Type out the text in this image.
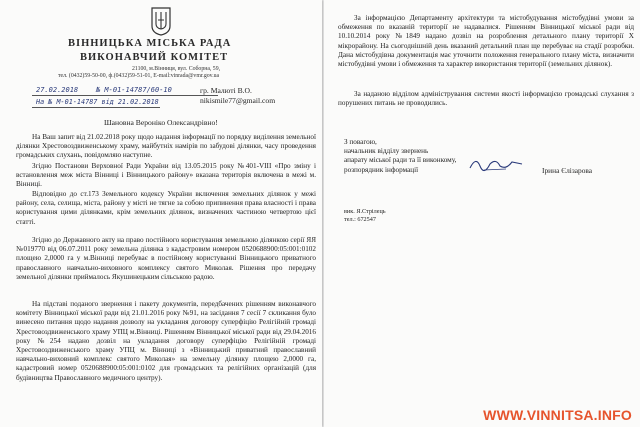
ВІННИЦЬКА МІСЬКА РАДА
ВИКОНАВЧИЙ КОМІТЕТ
21100, м.Вінниця, вул. Соборна, 59,
тел. (0432)59-50-00, ф.(0432)59-51-01, E-mail:vinrada@vmr.gov.ua
27.02.2018	№ М-01-14787/60-10
На № М-01-14787 від 21.02.2018
гр. Малюті В.О.
nikismile77@gmail.com
Шановна Вероніко Олександрівно!
На Ваш запит від 21.02.2018 року щодо надання інформації по порядку виділення земельної ділянки Хрестовоздвиженському храму, майбутніх намірів по забудові ділянки, часу проведення громадських слухань, повідомляю наступне.
Згідно Постанови Верховної Ради України від 13.05.2015 року №401-VIII «Про зміну і встановлення меж міста Вінниці і Вінницького району» вказана територія включена в межі м. Вінниці.
Відповідно до ст.173 Земельного кодексу України включення земельних ділянок у межі району, села, селища, міста, району у місті не тягне за собою припинення права власності і права користування цими ділянками, крім земельних ділянок, визначених частиною четвертою цієї статті.
Згідно до Державного акту на право постійного користування земельною ділянкою серії ЯЯ №019770 від 06.07.2011 року земельна ділянка з кадастровим номером 0520688900:05:001:0102 площею 2,0000 га у м.Вінниці перебуває в постійному користуванні Вінницького приватного православного навчально-виховного комплексу святого Миколая. Рішення про передачу земельної ділянки приймалось Якушинецьким сільською радою.
На підставі поданого звернення і пакету документів, передбачених рішенням виконавчого комітету Вінницької міської ради від 21.01.2016 року №91, на засідання 7 сесії 7 скликання було винесено питання щодо надання дозволу на укладання договору суперфіцію Релігійній громаді Хрестовоздвиженського храму УПЦ м.Вінниці. Рішенням Вінницької міської ради від 29.04.2016 року №254 надано дозвіл на укладання договору суперфіцію Релігійній громаді Хрестовоздвиженського храму УПЦ м. Вінниці з «Вінницький приватний православний навчально-виховний комплекс святого Миколая» на земельну ділянку площею 2,0000 га, кадастровий номер 0520688900:05:001:0102 для громадських та релігійних організацій (для будівництва Православного медичного центру).
За інформацією Департаменту архітектури та містобудування містобудівні умови за обмеження по вказаній території не надавалися. Рішенням Вінницької міської ради від 10.10.2014 року №1849 надано дозвіл на розроблення детального плану території X мікрорайону. На сьогоднішній день вказаний детальний план ще перебуває на стадії розробки. Дана містобудівна документація має уточнити положення генерального плану міста, визначити містобудівні умови і обмеження та характер використання території (земельних ділянок).
За наданою відділом адміністрування системи якості інформацією громадські слухання з порушених питань не проводились.
З повагою,
начальник відділу звернень
апарату міської ради та її виконкому,
розпорядник інформації	Ірина Єлізарова
вик. Я.Стрілець
тел.: 672547
WWW.VINNITSA.INFO
